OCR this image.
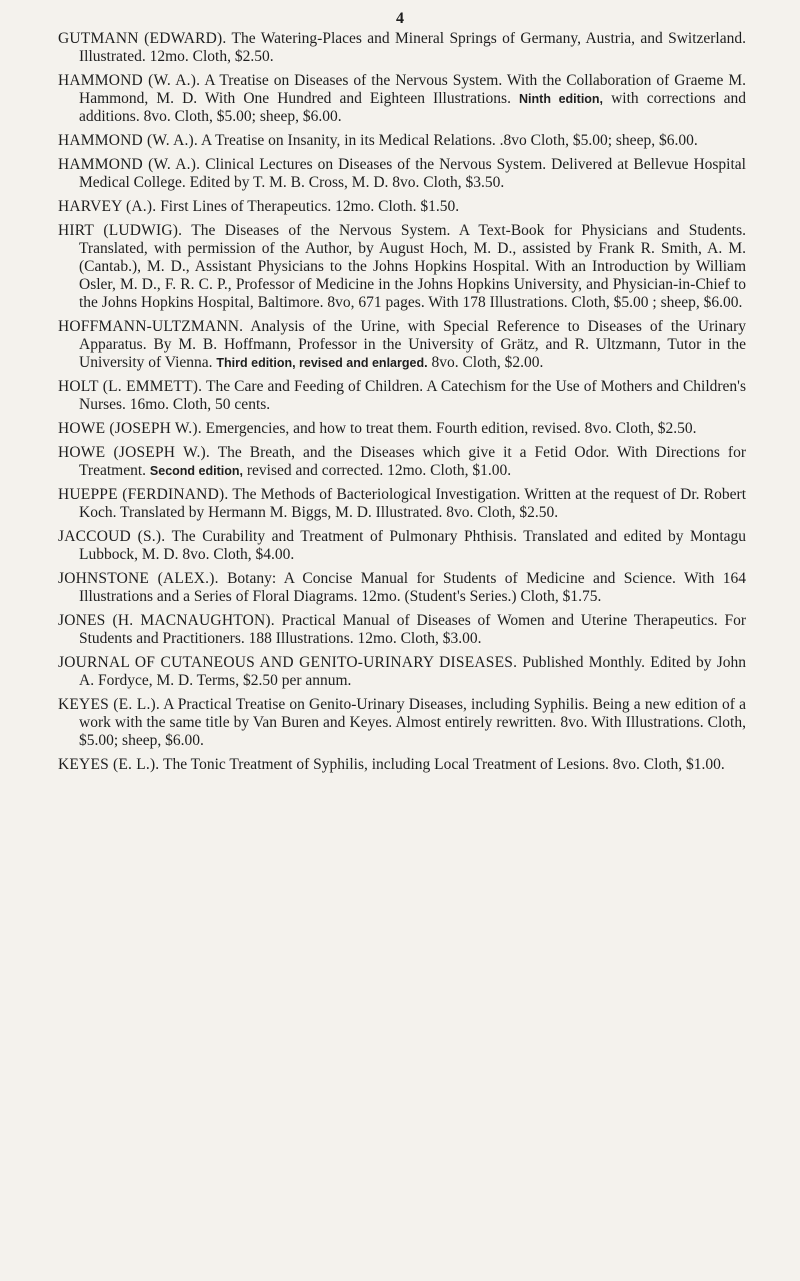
4

GUTMANN (EDWARD). The Watering-Places and Mineral Springs of Germany, Austria, and Switzerland. Illustrated. 12mo. Cloth, $2.50.

HAMMOND (W. A.). A Treatise on Diseases of the Nervous System. With the Collaboration of Graeme M. Hammond, M. D. With One Hundred and Eighteen Illustrations. Ninth edition, with corrections and additions. 8vo. Cloth, $5.00; sheep, $6.00.

HAMMOND (W. A.). A Treatise on Insanity, in its Medical Relations. .8vo Cloth, $5.00; sheep, $6.00.

HAMMOND (W. A.). Clinical Lectures on Diseases of the Nervous System. Delivered at Bellevue Hospital Medical College. Edited by T. M. B. Cross, M. D. 8vo. Cloth, $3.50.

HARVEY (A.). First Lines of Therapeutics. 12mo. Cloth. $1.50.

HIRT (LUDWIG). The Diseases of the Nervous System. A Text-Book for Physicians and Students. Translated, with permission of the Author, by August Hoch, M. D., assisted by Frank R. Smith, A. M. (Cantab.), M. D., Assistant Physicians to the Johns Hopkins Hospital. With an Introduction by William Osler, M. D., F. R. C. P., Professor of Medicine in the Johns Hopkins University, and Physician-in-Chief to the Johns Hopkins Hospital, Baltimore. 8vo, 671 pages. With 178 Illustrations. Cloth, $5.00 ; sheep, $6.00.

HOFFMANN-ULTZMANN. Analysis of the Urine, with Special Reference to Diseases of the Urinary Apparatus. By M. B. Hoffmann, Professor in the University of Grätz, and R. Ultzmann, Tutor in the University of Vienna. Third edition, revised and enlarged. 8vo. Cloth, $2.00.

HOLT (L. EMMETT). The Care and Feeding of Children. A Catechism for the Use of Mothers and Children's Nurses. 16mo. Cloth, 50 cents.

HOWE (JOSEPH W.). Emergencies, and how to treat them. Fourth edition, revised. 8vo. Cloth, $2.50.

HOWE (JOSEPH W.). The Breath, and the Diseases which give it a Fetid Odor. With Directions for Treatment. Second edition, revised and corrected. 12mo. Cloth, $1.00.

HUEPPE (FERDINAND). The Methods of Bacteriological Investigation. Written at the request of Dr. Robert Koch. Translated by Hermann M. Biggs, M. D. Illustrated. 8vo. Cloth, $2.50.

JACCOUD (S.). The Curability and Treatment of Pulmonary Phthisis. Translated and edited by Montagu Lubbock, M. D. 8vo. Cloth, $4.00.

JOHNSTONE (ALEX.). Botany: A Concise Manual for Students of Medicine and Science. With 164 Illustrations and a Series of Floral Diagrams. 12mo. (Student's Series.) Cloth, $1.75.

JONES (H. MACNAUGHTON). Practical Manual of Diseases of Women and Uterine Therapeutics. For Students and Practitioners. 188 Illustrations. 12mo. Cloth, $3.00.

JOURNAL OF CUTANEOUS AND GENITO-URINARY DISEASES. Published Monthly. Edited by John A. Fordyce, M. D. Terms, $2.50 per annum.

KEYES (E. L.). A Practical Treatise on Genito-Urinary Diseases, including Syphilis. Being a new edition of a work with the same title by Van Buren and Keyes. Almost entirely rewritten. 8vo. With Illustrations. Cloth, $5.00; sheep, $6.00.

KEYES (E. L.). The Tonic Treatment of Syphilis, including Local Treatment of Lesions. 8vo. Cloth, $1.00.
